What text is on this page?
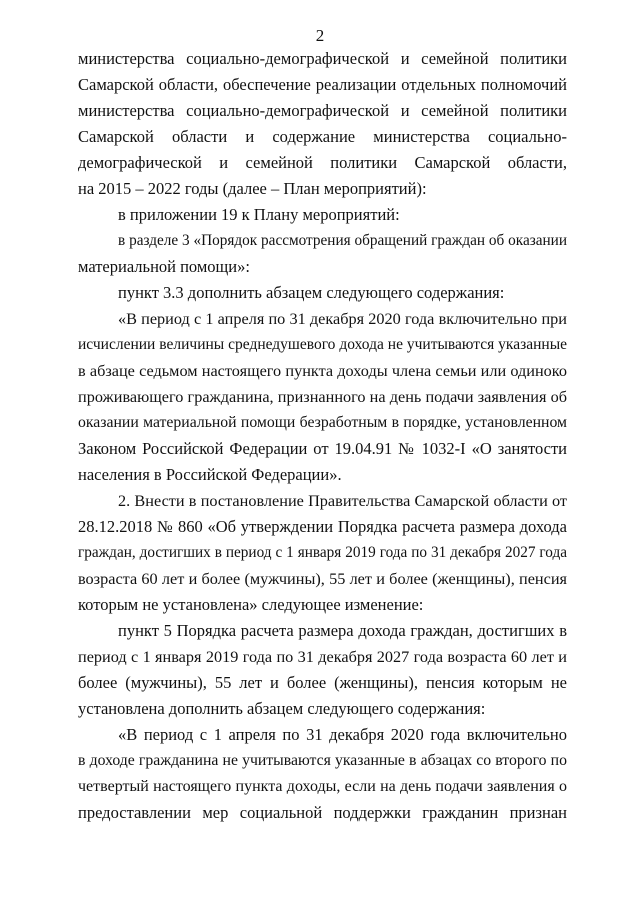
2
министерства социально-демографической и семейной политики
Самарской области, обеспечение реализации отдельных полномочий
министерства социально-демографической и семейной политики
Самарской области и содержание министерства социально-
демографической и семейной политики Самарской области,
на 2015 – 2022 годы (далее – План мероприятий):
в приложении 19 к Плану мероприятий:
в разделе 3 «Порядок рассмотрения обращений граждан об оказании
материальной помощи»:
пункт 3.3 дополнить абзацем следующего содержания:
«В период с 1 апреля по 31 декабря 2020 года включительно при
исчислении величины среднедушевого дохода не учитываются указанные
в абзаце седьмом настоящего пункта доходы члена семьи или одиноко
проживающего гражданина, признанного на день подачи заявления об
оказании материальной помощи безработным в порядке, установленном
Законом Российской Федерации от 19.04.91 № 1032-I «О занятости
населения в Российской Федерации».
2. Внести в постановление Правительства Самарской области от
28.12.2018 № 860 «Об утверждении Порядка расчета размера дохода
граждан, достигших в период с 1 января 2019 года по 31 декабря 2027 года
возраста 60 лет и более (мужчины), 55 лет и более (женщины), пенсия
которым не установлена» следующее изменение:
пункт 5 Порядка расчета размера дохода граждан, достигших в
период с 1 января 2019 года по 31 декабря 2027 года возраста 60 лет и
более (мужчины), 55 лет и более (женщины), пенсия которым не
установлена дополнить абзацем следующего содержания:
«В период с 1 апреля по 31 декабря 2020 года включительно
в доходе гражданина не учитываются указанные в абзацах со второго по
четвертый настоящего пункта доходы, если на день подачи заявления о
предоставлении мер социальной поддержки гражданин признан
